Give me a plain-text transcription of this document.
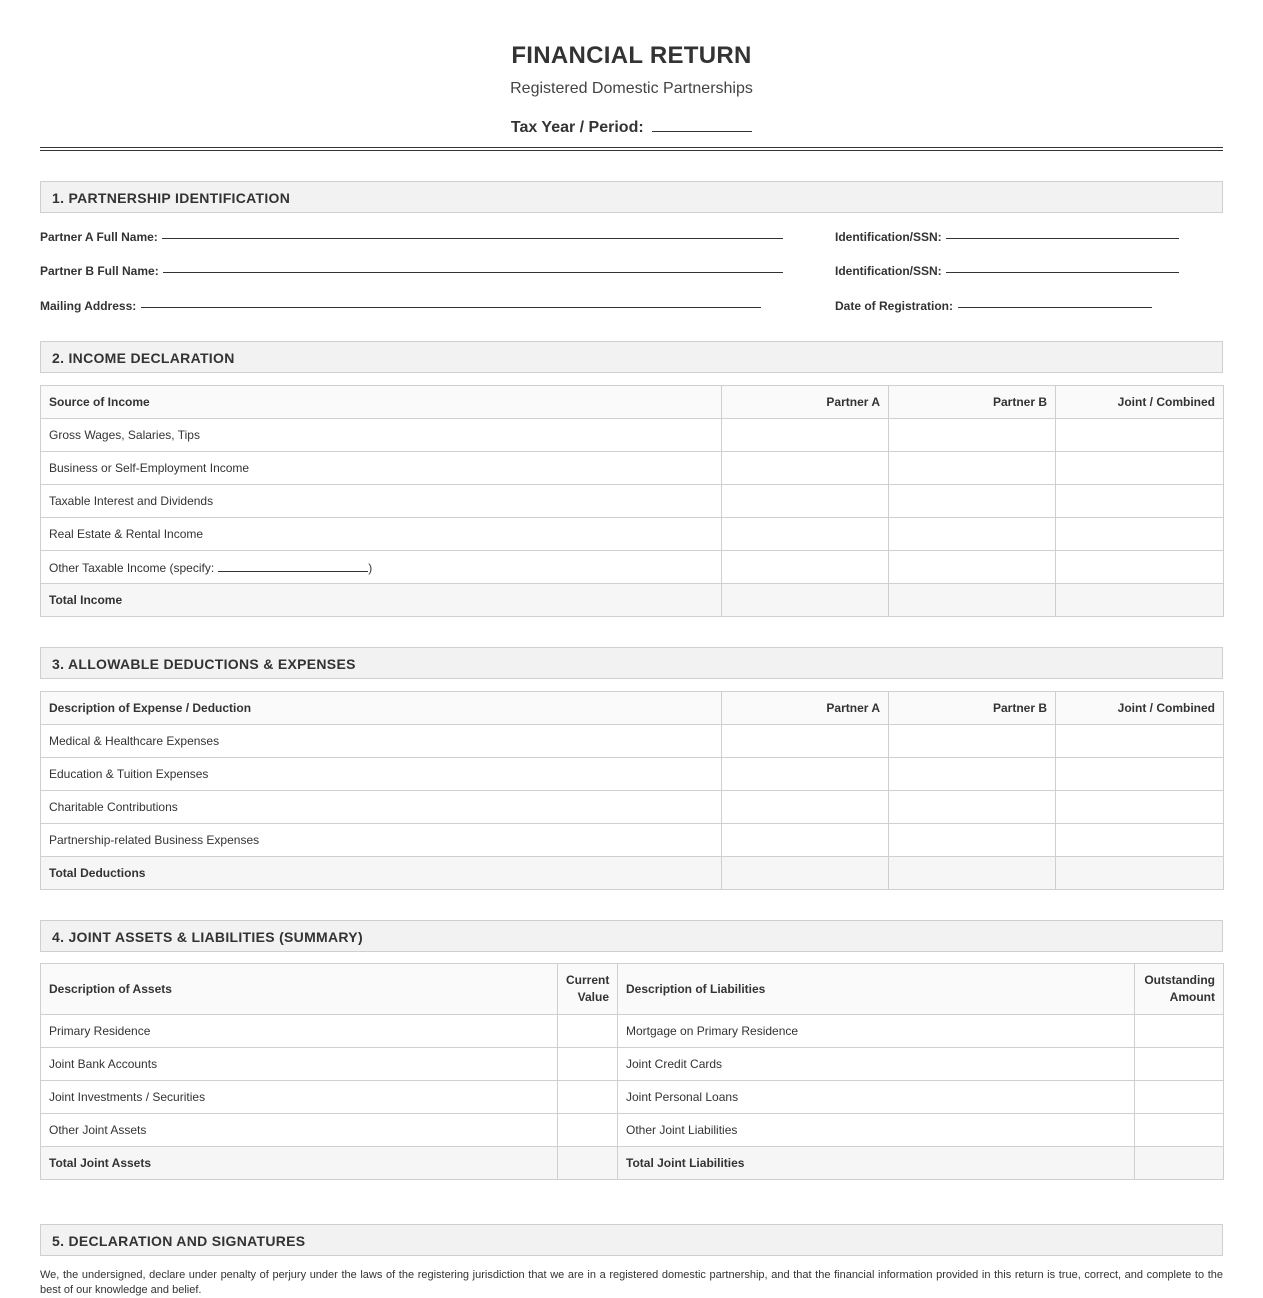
FINANCIAL RETURN
Registered Domestic Partnerships
Tax Year / Period:
1. PARTNERSHIP IDENTIFICATION
Partner A Full Name:	Identification/SSN:
Partner B Full Name:	Identification/SSN:
Mailing Address:	Date of Registration:
2. INCOME DECLARATION
Source of Income	Partner A	Partner B	Joint / Combined
Gross Wages, Salaries, Tips			
Business or Self-Employment Income			
Taxable Interest and Dividends			
Real Estate & Rental Income			
Other Taxable Income (specify: )			
Total Income			
3. ALLOWABLE DEDUCTIONS & EXPENSES
Description of Expense / Deduction	Partner A	Partner B	Joint / Combined
Medical & Healthcare Expenses			
Education & Tuition Expenses			
Charitable Contributions			
Partnership-related Business Expenses			
Total Deductions			
4. JOINT ASSETS & LIABILITIES (SUMMARY)
Description of Assets	Current Value	Description of Liabilities	Outstanding Amount
Primary Residence		Mortgage on Primary Residence	
Joint Bank Accounts		Joint Credit Cards	
Joint Investments / Securities		Joint Personal Loans	
Other Joint Assets		Other Joint Liabilities	
Total Joint Assets		Total Joint Liabilities	
5. DECLARATION AND SIGNATURES
We, the undersigned, declare under penalty of perjury under the laws of the registering jurisdiction that we are in a registered domestic partnership, and that the financial information provided in this return is true, correct, and complete to the best of our knowledge and belief.
